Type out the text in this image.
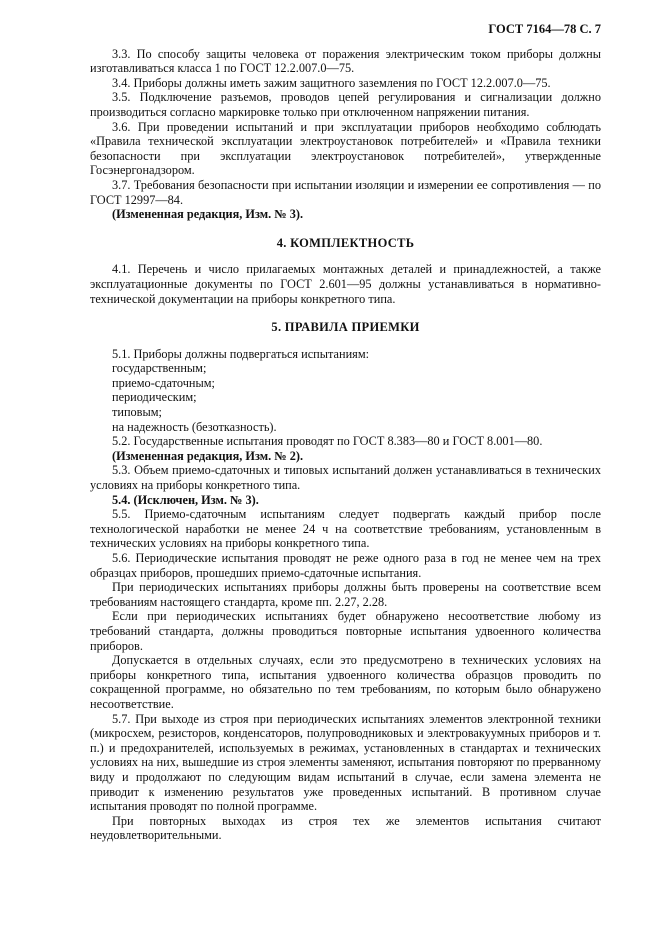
ГОСТ 7164—78 С. 7

3.3. По способу защиты человека от поражения электрическим током приборы должны изготавливаться класса 1 по ГОСТ 12.2.007.0—75.

3.4. Приборы должны иметь зажим защитного заземления по ГОСТ 12.2.007.0—75.

3.5. Подключение разъемов, проводов цепей регулирования и сигнализации должно производиться согласно маркировке только при отключенном напряжении питания.

3.6. При проведении испытаний и при эксплуатации приборов необходимо соблюдать «Правила технической эксплуатации электроустановок потребителей» и «Правила техники безопасности при эксплуатации электроустановок потребителей», утвержденные Госэнергонадзором.

3.7. Требования безопасности при испытании изоляции и измерении ее сопротивления — по ГОСТ 12997—84.

(Измененная редакция, Изм. № 3).

4. КОМПЛЕКТНОСТЬ

4.1. Перечень и число прилагаемых монтажных деталей и принадлежностей, а также эксплуатационные документы по ГОСТ 2.601—95 должны устанавливаться в нормативно-технической документации на приборы конкретного типа.

5. ПРАВИЛА ПРИЕМКИ

5.1. Приборы должны подвергаться испытаниям:

государственным;

приемо-сдаточным;

периодическим;

типовым;

на надежность (безотказность).

5.2. Государственные испытания проводят по ГОСТ 8.383—80 и ГОСТ 8.001—80.

(Измененная редакция, Изм. № 2).

5.3. Объем приемо-сдаточных и типовых испытаний должен устанавливаться в технических условиях на приборы конкретного типа.

5.4. (Исключен, Изм. № 3).

5.5. Приемо-сдаточным испытаниям следует подвергать каждый прибор после технологической наработки не менее 24 ч на соответствие требованиям, установленным в технических условиях на приборы конкретного типа.

5.6. Периодические испытания проводят не реже одного раза в год не менее чем на трех образцах приборов, прошедших приемо-сдаточные испытания.

При периодических испытаниях приборы должны быть проверены на соответствие всем требованиям настоящего стандарта, кроме пп. 2.27, 2.28.

Если при периодических испытаниях будет обнаружено несоответствие любому из требований стандарта, должны проводиться повторные испытания удвоенного количества приборов.

Допускается в отдельных случаях, если это предусмотрено в технических условиях на приборы конкретного типа, испытания удвоенного количества образцов проводить по сокращенной программе, но обязательно по тем требованиям, по которым было обнаружено несоответствие.

5.7. При выходе из строя при периодических испытаниях элементов электронной техники (микросхем, резисторов, конденсаторов, полупроводниковых и электровакуумных приборов и т. п.) и предохранителей, используемых в режимах, установленных в стандартах и технических условиях на них, вышедшие из строя элементы заменяют, испытания повторяют по прерванному виду и продолжают по следующим видам испытаний в случае, если замена элемента не приводит к изменению результатов уже проведенных испытаний. В противном случае испытания проводят по полной программе.

При повторных выходах из строя тех же элементов испытания считают неудовлетворительными.
